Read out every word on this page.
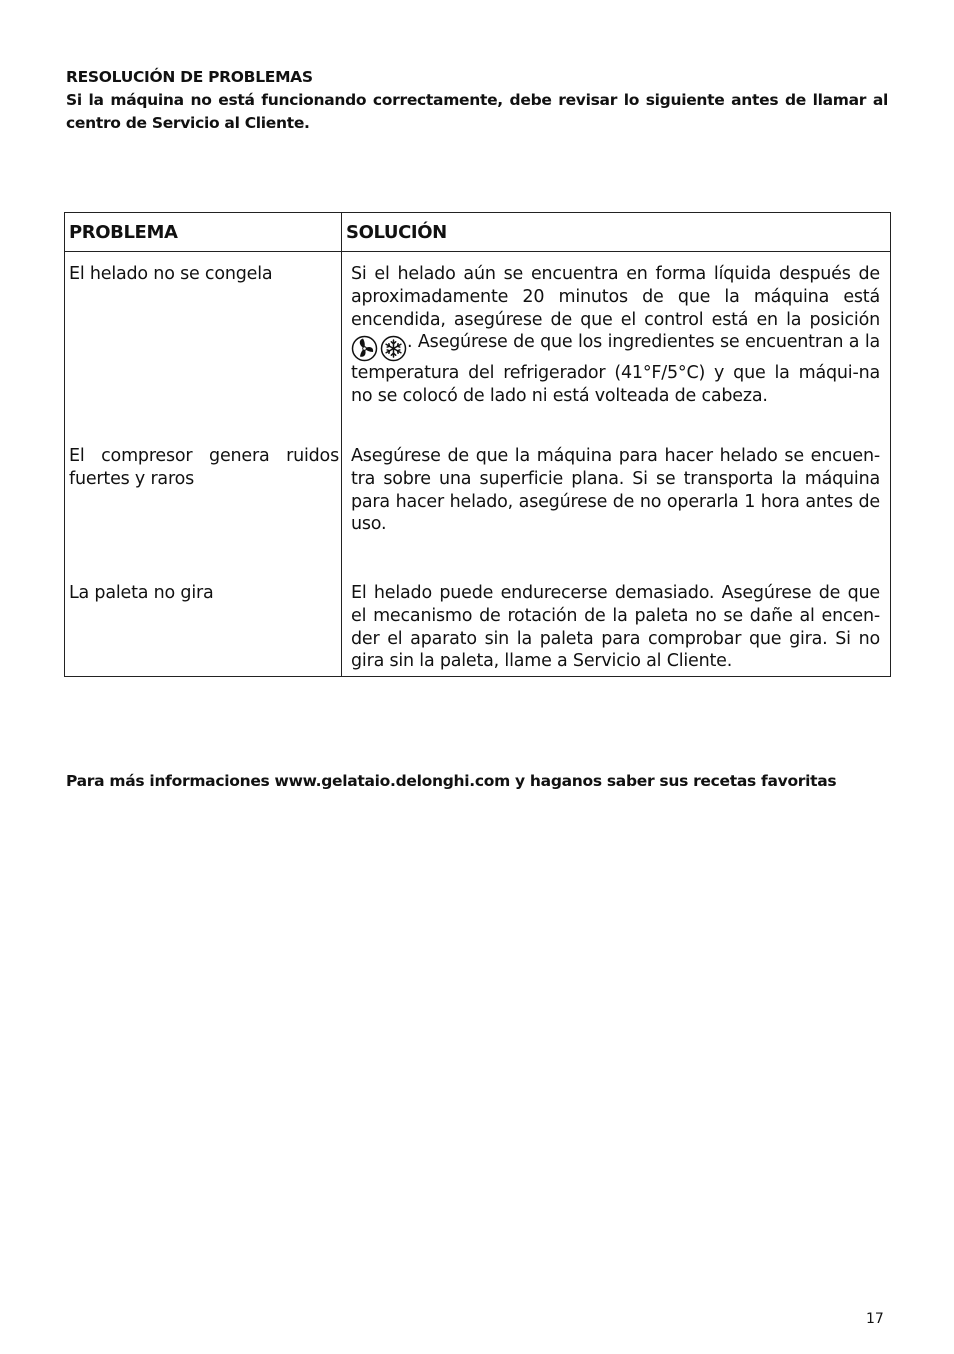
RESOLUCIÓN DE PROBLEMAS
Si la máquina no está funcionando correctamente, debe revisar lo siguiente antes de llamar al centro de Servicio al Cliente.
PROBLEMA	SOLUCIÓN
El helado no se congela	Si el helado aún se encuentra en forma líquida después de aproximadamente 20 minutos de que la máquina está encendida, asegúrese de que el control está en la posición . Asegúrese de que los ingredientes se encuentran a la temperatura del refrigerador (41°F/5°C) y que la máqui-na no se colocó de lado ni está volteada de cabeza.
El compresor genera ruidos fuertes y raros	Asegúrese de que la máquina para hacer helado se encuen-tra sobre una superficie plana. Si se transporta la máquina para hacer helado, asegúrese de no operarla 1 hora antes de uso.
La paleta no gira	El helado puede endurecerse demasiado. Asegúrese de que el mecanismo de rotación de la paleta no se dañe al encen-der el aparato sin la paleta para comprobar que gira. Si no gira sin la paleta, llame a Servicio al Cliente.
Para más informaciones www.gelataio.delonghi.com y haganos saber sus recetas favoritas
17
